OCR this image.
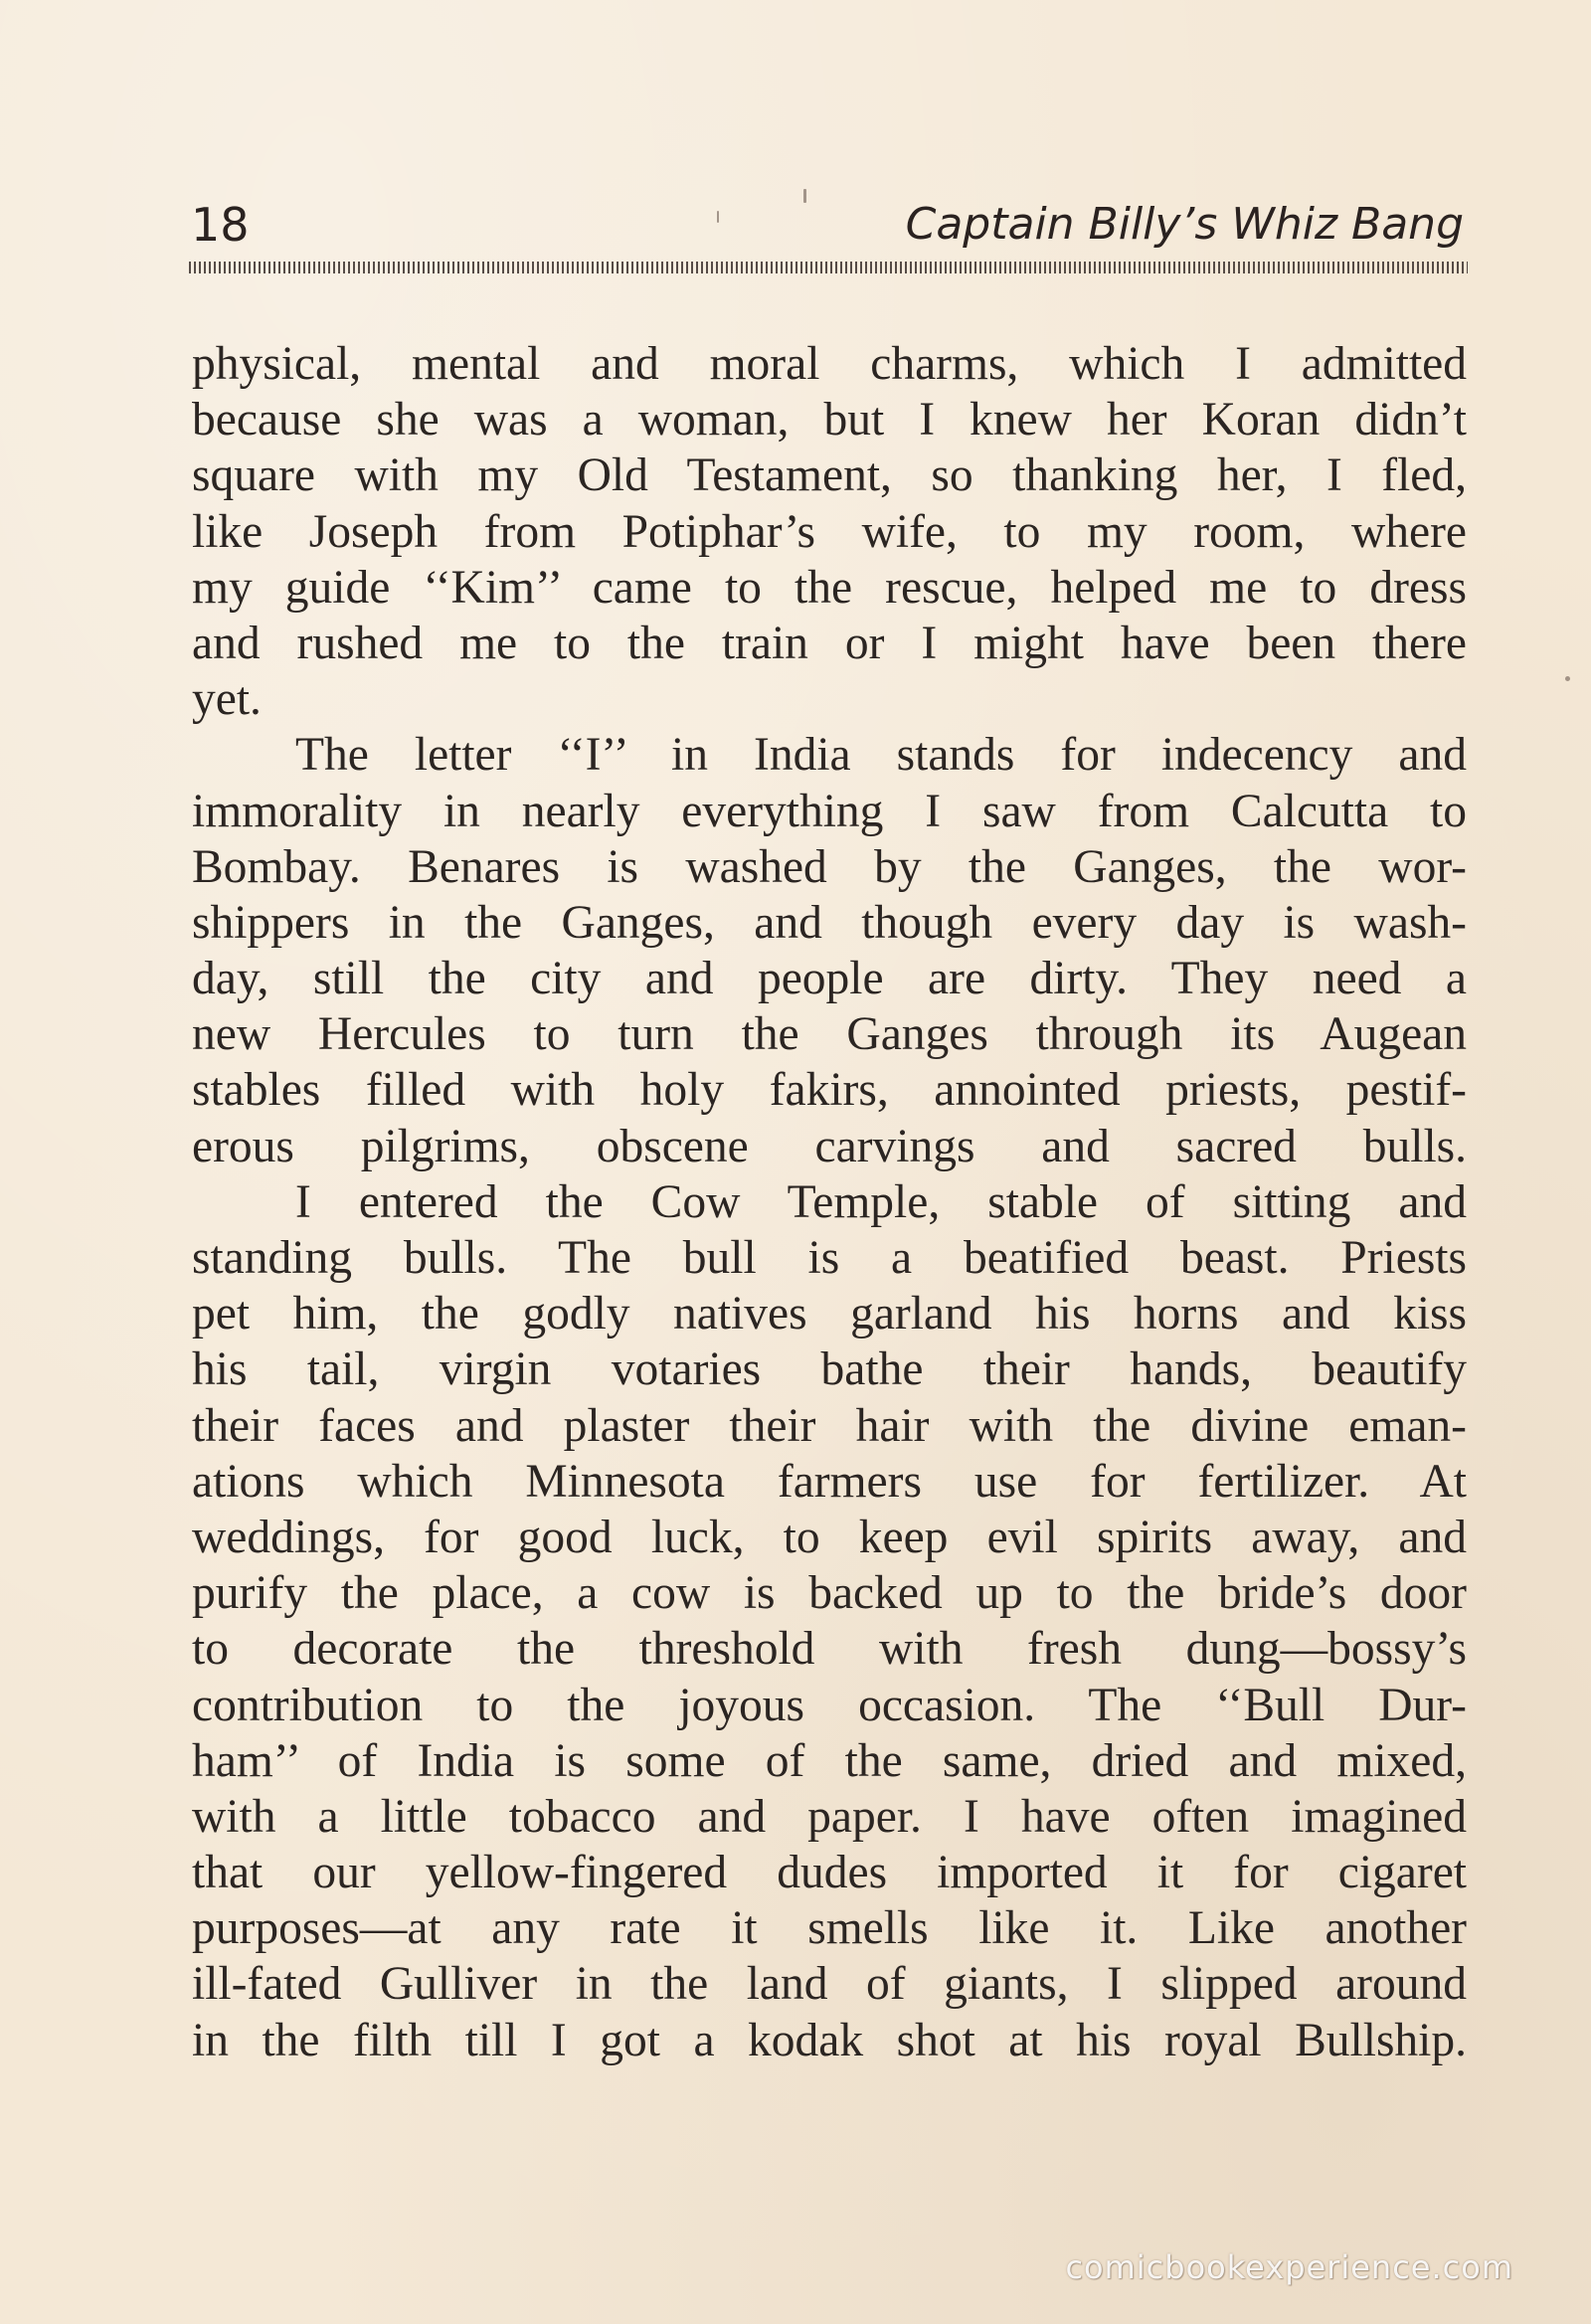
18	Captain Billy’s Whiz Bang
physical, mental and moral charms, which I admitted
because she was a woman, but I knew her Koran didn’t
square with my Old Testament, so thanking her, I fled,
like Joseph from Potiphar’s wife, to my room, where
my guide ‘‘Kim’’ came to the rescue, helped me to dress
and rushed me to the train or I might have been there
yet.
The letter ‘‘I’’ in India stands for indecency and
immorality in nearly everything I saw from Calcutta to
Bombay. Benares is washed by the Ganges, the wor-
shippers in the Ganges, and though every day is wash-
day, still the city and people are dirty. They need a
new Hercules to turn the Ganges through its Augean
stables filled with holy fakirs, annointed priests, pestif-
erous pilgrims, obscene carvings and sacred bulls.
I entered the Cow Temple, stable of sitting and
standing bulls. The bull is a beatified beast. Priests
pet him, the godly natives garland his horns and kiss
his tail, virgin votaries bathe their hands, beautify
their faces and plaster their hair with the divine eman-
ations which Minnesota farmers use for fertilizer. At
weddings, for good luck, to keep evil spirits away, and
purify the place, a cow is backed up to the bride’s door
to decorate the threshold with fresh dung—bossy’s
contribution to the joyous occasion. The ‘‘Bull Dur-
ham’’ of India is some of the same, dried and mixed,
with a little tobacco and paper. I have often imagined
that our yellow-fingered dudes imported it for cigaret
purposes—at any rate it smells like it. Like another
ill-fated Gulliver in the land of giants, I slipped around
in the filth till I got a kodak shot at his royal Bullship.
comicbookexperience.com
